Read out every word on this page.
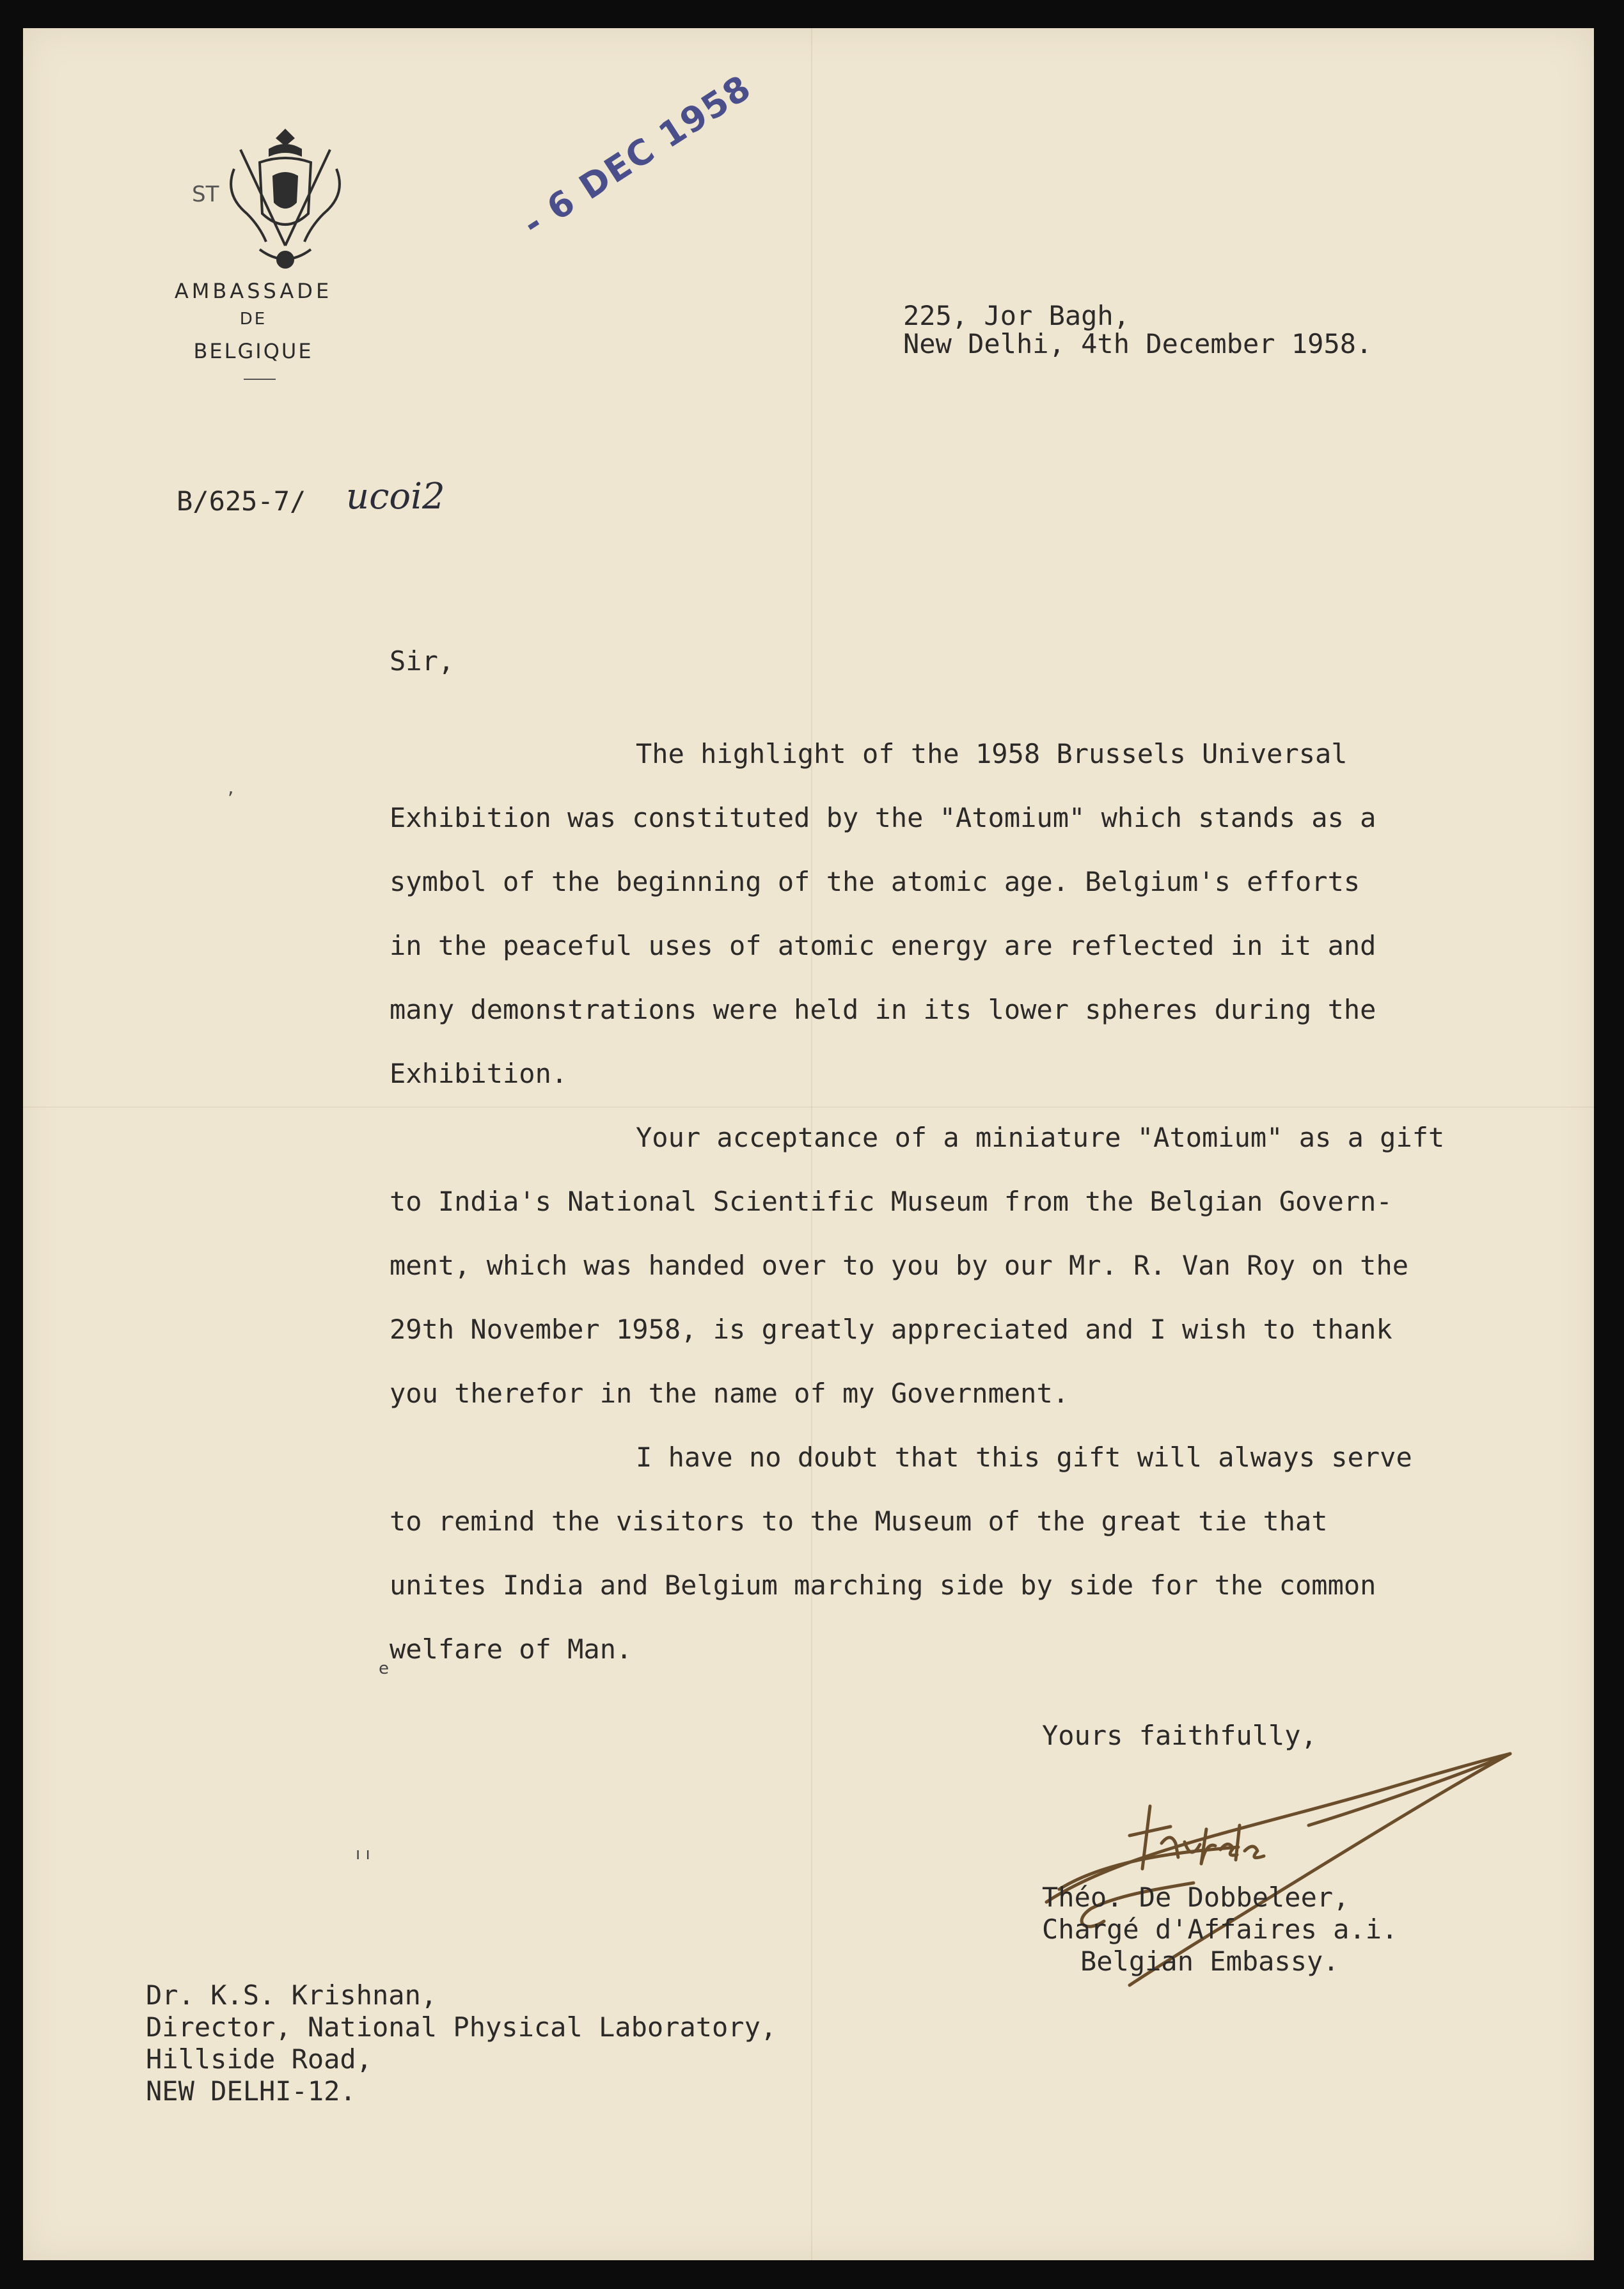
ST
AMBASSADE
DE
BELGIQUE
- 6 DEC 1958
225, Jor Bagh,
New Delhi, 4th December 1958.
B/625-7/ ucoi2
Sir,
The highlight of the 1958 Brussels Universal
Exhibition was constituted by the "Atomium" which stands as a
symbol of the beginning of the atomic age. Belgium's efforts
in the peaceful uses of atomic energy are reflected in it and
many demonstrations were held in its lower spheres during the
Exhibition.
Your acceptance of a miniature "Atomium" as a gift
to India's National Scientific Museum from the Belgian Govern-
ment, which was handed over to you by our Mr. R. Van Roy on the
29th November 1958, is greatly appreciated and I wish to thank
you therefor in the name of my Government.
I have no doubt that this gift will always serve
to remind the visitors to the Museum of the great tie that
unites India and Belgium marching side by side for the common
welfare of Man.
Yours faithfully,
Théo. De Dobbeleer,
Chargé d'Affaires a.i.
Belgian Embassy.
Dr. K.S. Krishnan,
Director, National Physical Laboratory,
Hillside Road,
NEW DELHI-12.
,
e
ı ı
